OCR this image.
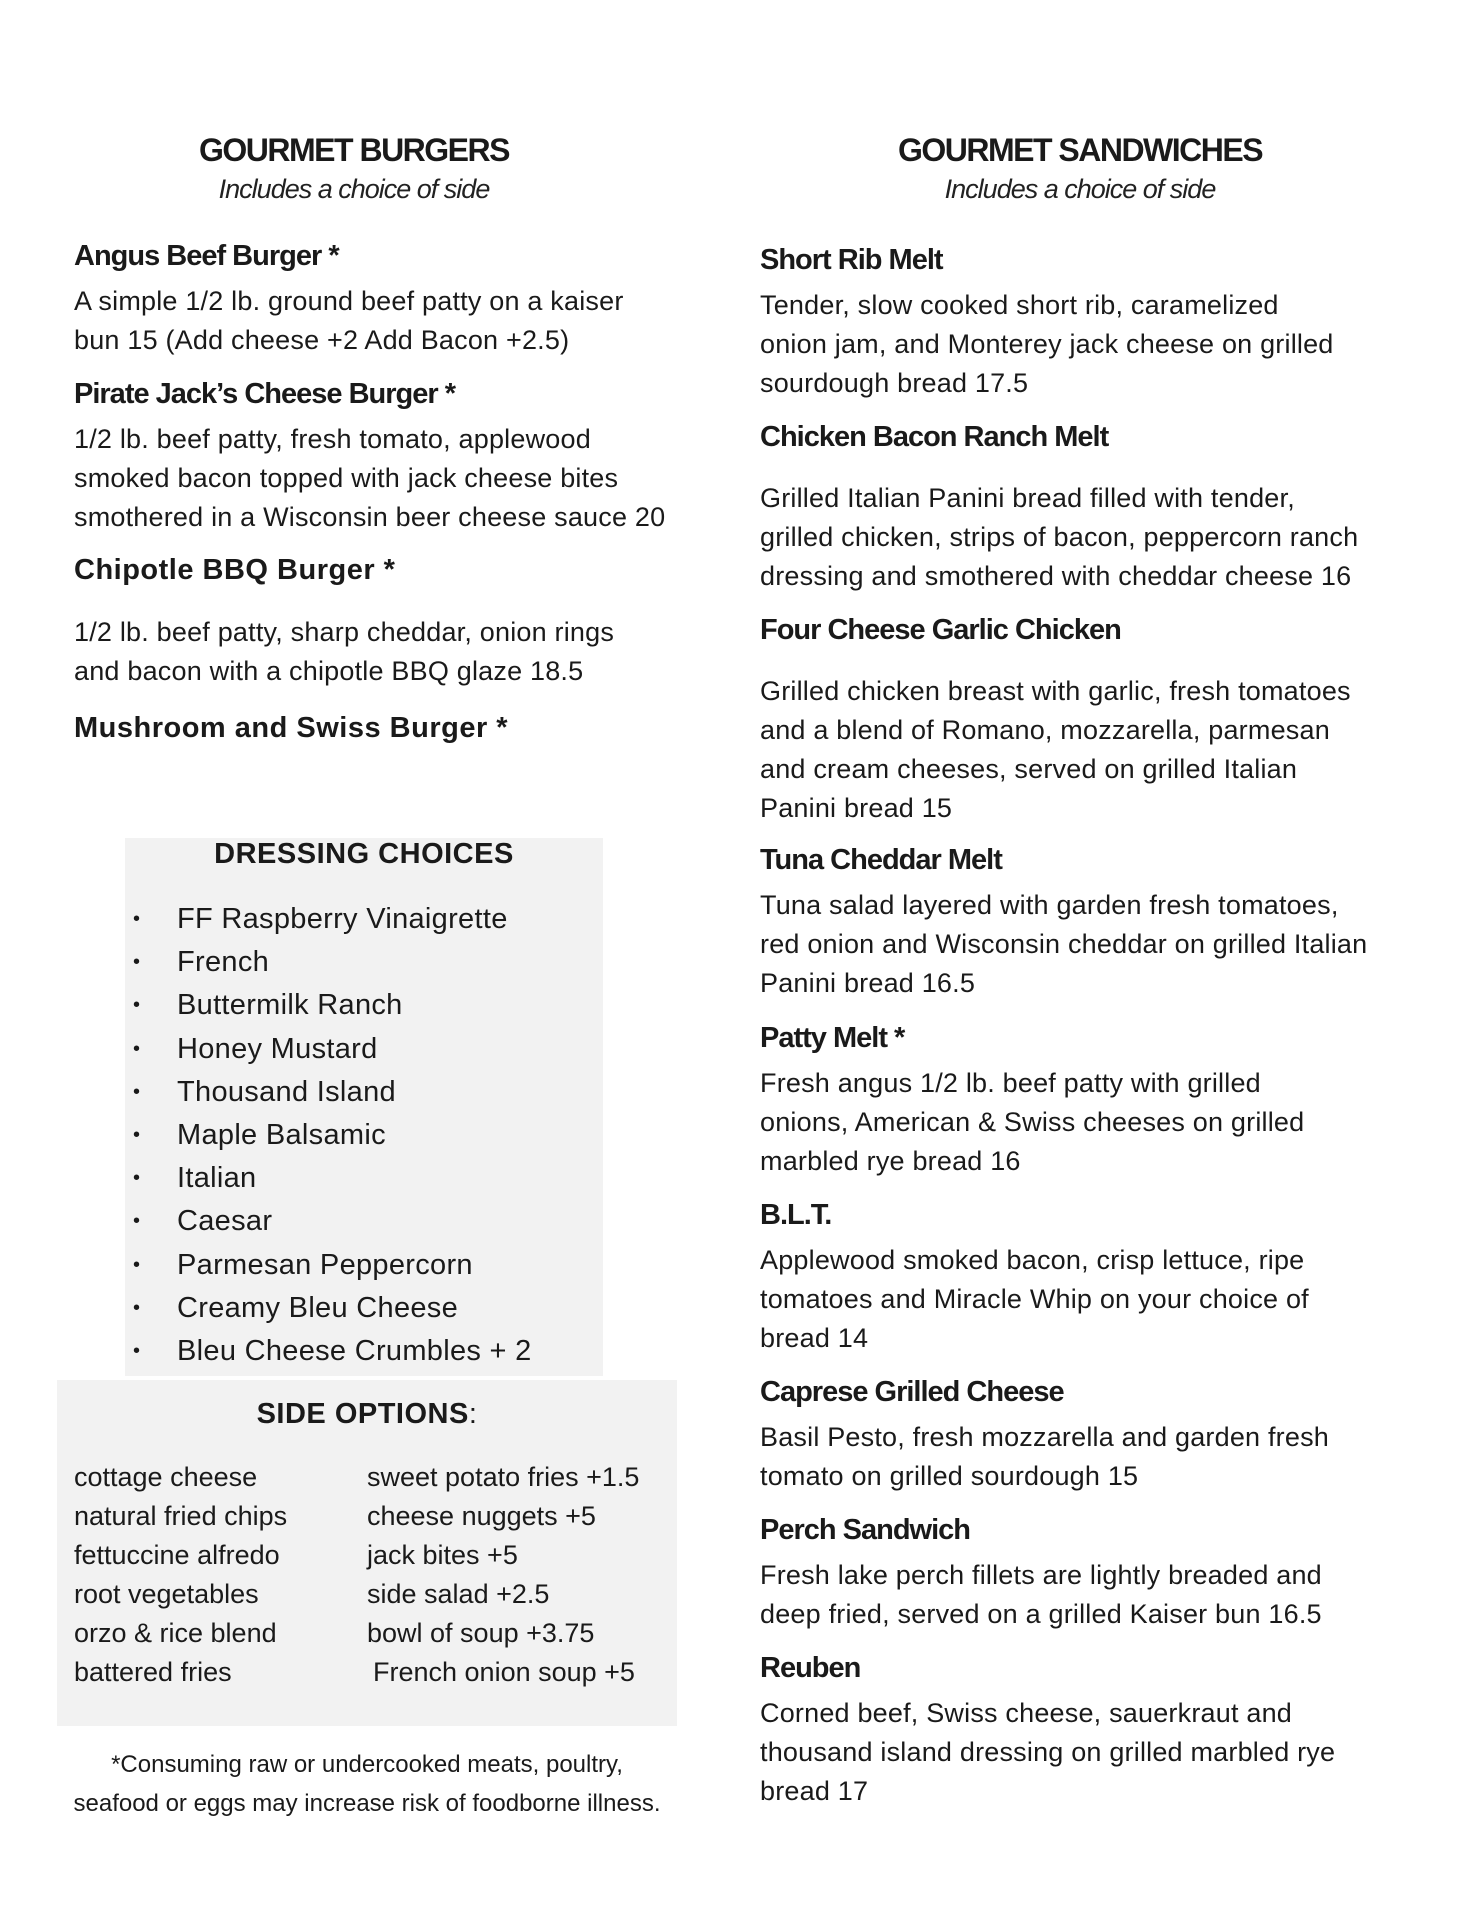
GOURMET BURGERS
Includes a choice of side
Angus Beef Burger *
A simple 1/2 lb. ground beef patty on a kaiser
bun 15 (Add cheese +2 Add Bacon +2.5)
Pirate Jack’s Cheese Burger *
1/2 lb. beef patty, fresh tomato, applewood
smoked bacon topped with jack cheese bites
smothered in a Wisconsin beer cheese sauce 20
Chipotle BBQ Burger *
1/2 lb. beef patty, sharp cheddar, onion rings
and bacon with a chipotle BBQ glaze 18.5
Mushroom and Swiss Burger *
DRESSING CHOICES
• FF Raspberry Vinaigrette
• French
• Buttermilk Ranch
• Honey Mustard
• Thousand Island
• Maple Balsamic
• Italian
• Caesar
• Parmesan Peppercorn
• Creamy Bleu Cheese
• Bleu Cheese Crumbles + 2
SIDE OPTIONS:
cottage cheese
natural fried chips
fettuccine alfredo
root vegetables
orzo & rice blend
battered fries
sweet potato fries +1.5
cheese nuggets +5
jack bites +5
side salad +2.5
bowl of soup +3.75
French onion soup +5
*Consuming raw or undercooked meats, poultry,
seafood or eggs may increase risk of foodborne illness.
GOURMET SANDWICHES
Includes a choice of side
Short Rib Melt
Tender, slow cooked short rib, caramelized
onion jam, and Monterey jack cheese on grilled
sourdough bread 17.5
Chicken Bacon Ranch Melt
Grilled Italian Panini bread filled with tender,
grilled chicken, strips of bacon, peppercorn ranch
dressing and smothered with cheddar cheese 16
Four Cheese Garlic Chicken
Grilled chicken breast with garlic, fresh tomatoes
and a blend of Romano, mozzarella, parmesan
and cream cheeses, served on grilled Italian
Panini bread 15
Tuna Cheddar Melt
Tuna salad layered with garden fresh tomatoes,
red onion and Wisconsin cheddar on grilled Italian
Panini bread 16.5
Patty Melt *
Fresh angus 1/2 lb. beef patty with grilled
onions, American & Swiss cheeses on grilled
marbled rye bread 16
B.L.T.
Applewood smoked bacon, crisp lettuce, ripe
tomatoes and Miracle Whip on your choice of
bread 14
Caprese Grilled Cheese
Basil Pesto, fresh mozzarella and garden fresh
tomato on grilled sourdough 15
Perch Sandwich
Fresh lake perch fillets are lightly breaded and
deep fried, served on a grilled Kaiser bun 16.5
Reuben
Corned beef, Swiss cheese, sauerkraut and
thousand island dressing on grilled marbled rye
bread 17
